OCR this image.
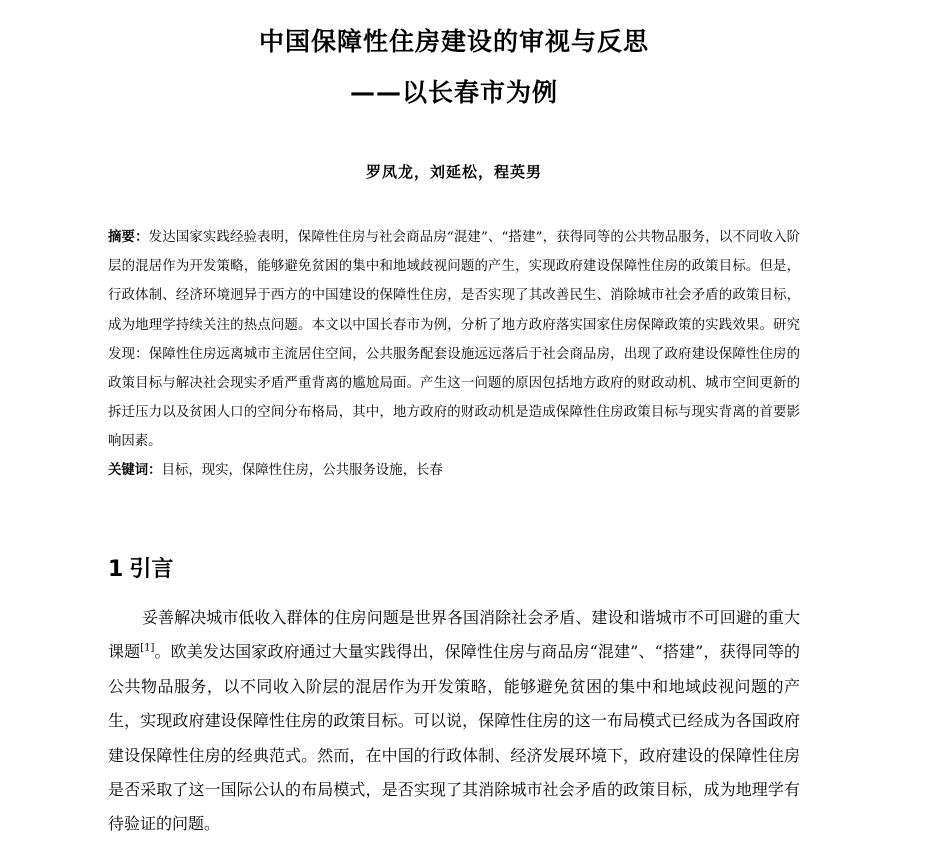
中国保障性住房建设的审视与反思
——以长春市为例
罗凤龙，刘延松，程英男
摘要：发达国家实践经验表明，保障性住房与社会商品房“混建”、“搭建”，获得同等的公共物品服务，以不同收入阶层的混居作为开发策略，能够避免贫困的集中和地域歧视问题的产生，实现政府建设保障性住房的政策目标。但是，行政体制、经济环境迥异于西方的中国建设的保障性住房，是否实现了其改善民生、消除城市社会矛盾的政策目标，成为地理学持续关注的热点问题。本文以中国长春市为例，分析了地方政府落实国家住房保障政策的实践效果。研究发现：保障性住房远离城市主流居住空间，公共服务配套设施远远落后于社会商品房，出现了政府建设保障性住房的政策目标与解决社会现实矛盾严重背离的尴尬局面。产生这一问题的原因包括地方政府的财政动机、城市空间更新的拆迁压力以及贫困人口的空间分布格局，其中，地方政府的财政动机是造成保障性住房政策目标与现实背离的首要影响因素。
关键词：目标，现实，保障性住房，公共服务设施，长春
1 引言
妥善解决城市低收入群体的住房问题是世界各国消除社会矛盾、建设和谐城市不可回避的重大课题[1]。欧美发达国家政府通过大量实践得出，保障性住房与商品房“混建”、“搭建”，获得同等的公共物品服务，以不同收入阶层的混居作为开发策略，能够避免贫困的集中和地域歧视问题的产生，实现政府建设保障性住房的政策目标。可以说，保障性住房的这一布局模式已经成为各国政府建设保障性住房的经典范式。然而，在中国的行政体制、经济发展环境下，政府建设的保障性住房是否采取了这一国际公认的布局模式，是否实现了其消除城市社会矛盾的政策目标，成为地理学有待验证的问题。
